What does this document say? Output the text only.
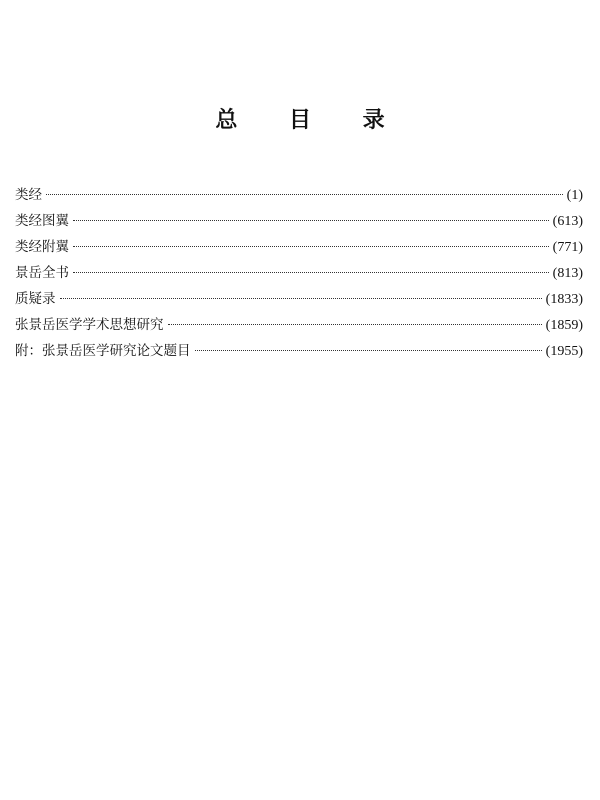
总 目 录
类经	(1)
类经图翼	(613)
类经附翼	(771)
景岳全书	(813)
质疑录	(1833)
张景岳医学学术思想研究	(1859)
附：张景岳医学研究论文题目	(1955)
